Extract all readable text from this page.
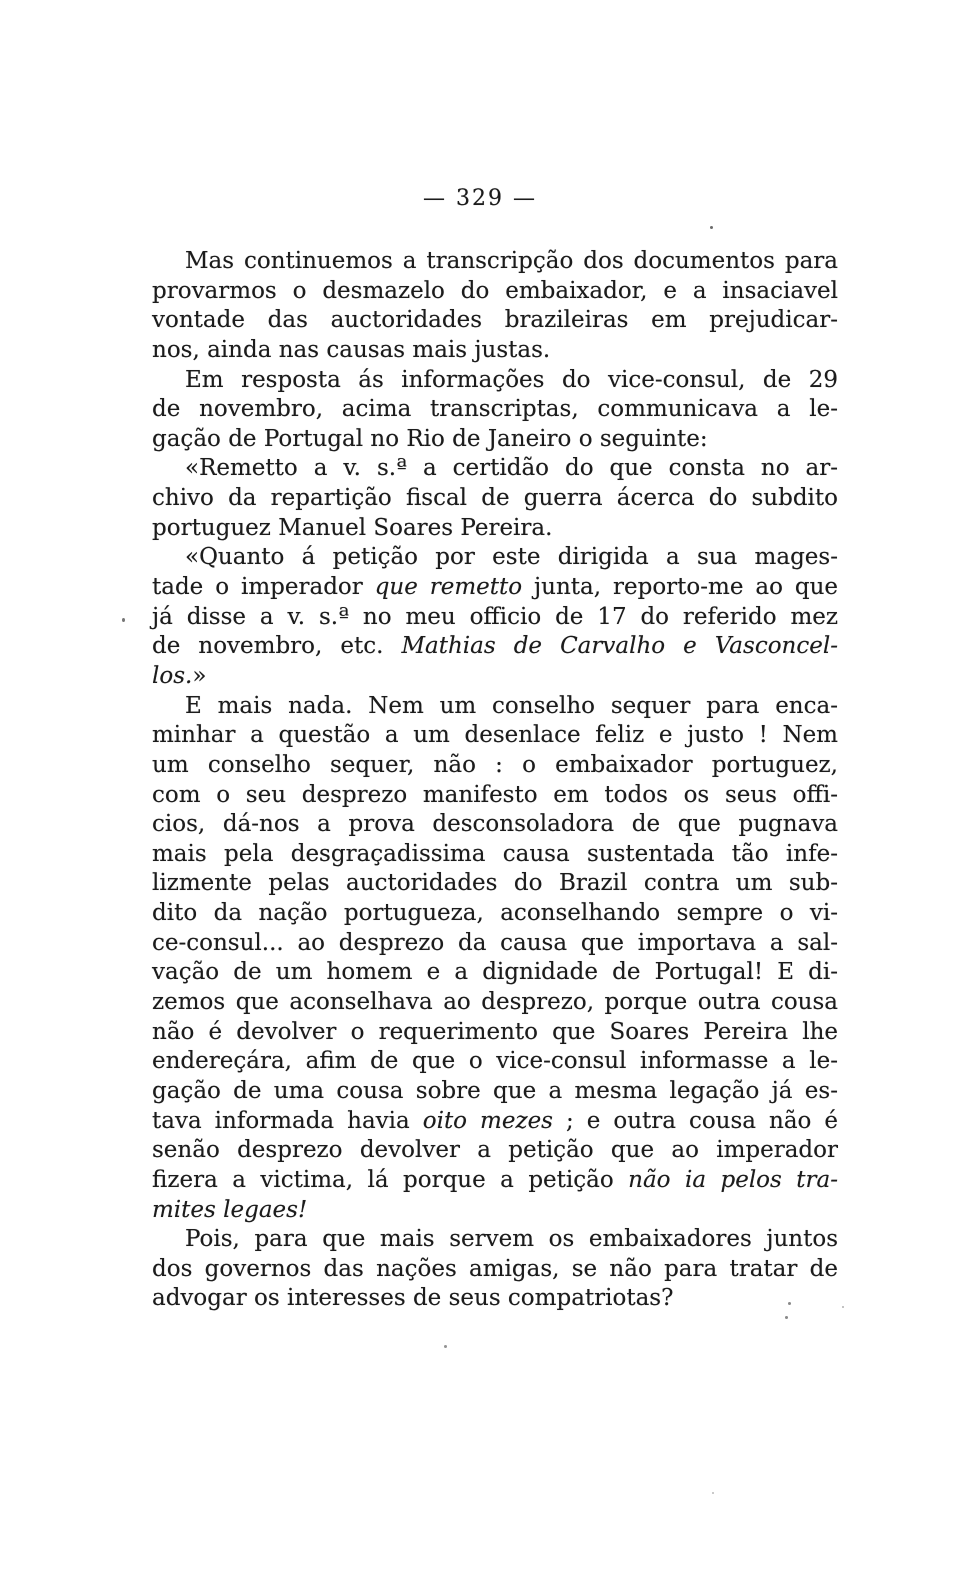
— 329 —
Mas continuemos a transcripção dos documentos para
provarmos o desmazelo do embaixador, e a insaciavel
vontade das auctoridades brazileiras em prejudicar-
nos, ainda nas causas mais justas.
Em resposta ás informações do vice-consul, de 29
de novembro, acima transcriptas, communicava a le-
gação de Portugal no Rio de Janeiro o seguinte:
«Remetto a v. s.ª a certidão do que consta no ar-
chivo da repartição fiscal de guerra ácerca do subdito
portuguez Manuel Soares Pereira.
«Quanto á petição por este dirigida a sua mages-
tade o imperador que remetto junta, reporto-me ao que
já disse a v. s.ª no meu officio de 17 do referido mez
de novembro, etc. Mathias de Carvalho e Vasconcel-
los.»
E mais nada. Nem um conselho sequer para enca-
minhar a questão a um desenlace feliz e justo ! Nem
um conselho sequer, não : o embaixador portuguez,
com o seu desprezo manifesto em todos os seus offi-
cios, dá-nos a prova desconsoladora de que pugnava
mais pela desgraçadissima causa sustentada tão infe-
lizmente pelas auctoridades do Brazil contra um sub-
dito da nação portugueza, aconselhando sempre o vi-
ce-consul... ao desprezo da causa que importava a sal-
vação de um homem e a dignidade de Portugal! E di-
zemos que aconselhava ao desprezo, porque outra cousa
não é devolver o requerimento que Soares Pereira lhe
endereçára, afim de que o vice-consul informasse a le-
gação de uma cousa sobre que a mesma legação já es-
tava informada havia oito mezes ; e outra cousa não é
senão desprezo devolver a petição que ao imperador
fizera a victima, lá porque a petição não ia pelos tra-
mites legaes!
Pois, para que mais servem os embaixadores juntos
dos governos das nações amigas, se não para tratar de
advogar os interesses de seus compatriotas?
